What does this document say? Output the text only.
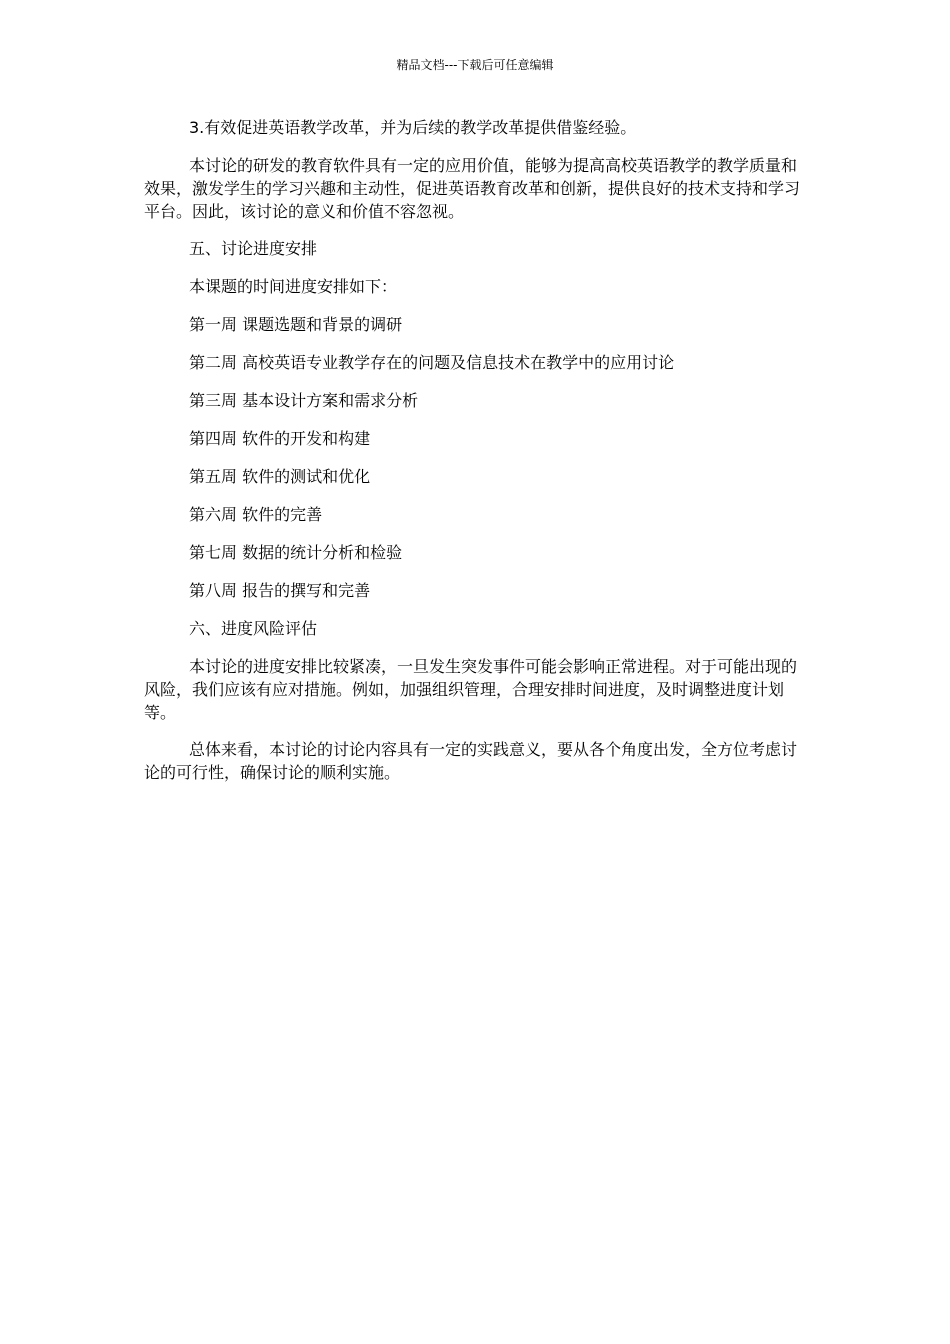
精品文档---下载后可任意编辑

3.有效促进英语教学改革，并为后续的教学改革提供借鉴经验。

本讨论的研发的教育软件具有一定的应用价值，能够为提高高校英语教学的教学质量和效果，激发学生的学习兴趣和主动性，促进英语教育改革和创新，提供良好的技术支持和学习平台。因此，该讨论的意义和价值不容忽视。

五、讨论进度安排

本课题的时间进度安排如下：

第一周 课题选题和背景的调研

第二周 高校英语专业教学存在的问题及信息技术在教学中的应用讨论

第三周 基本设计方案和需求分析

第四周 软件的开发和构建

第五周 软件的测试和优化

第六周 软件的完善

第七周 数据的统计分析和检验

第八周 报告的撰写和完善

六、进度风险评估

本讨论的进度安排比较紧凑，一旦发生突发事件可能会影响正常进程。对于可能出现的风险，我们应该有应对措施。例如，加强组织管理，合理安排时间进度，及时调整进度计划等。

总体来看，本讨论的讨论内容具有一定的实践意义，要从各个角度出发，全方位考虑讨论的可行性，确保讨论的顺利实施。
